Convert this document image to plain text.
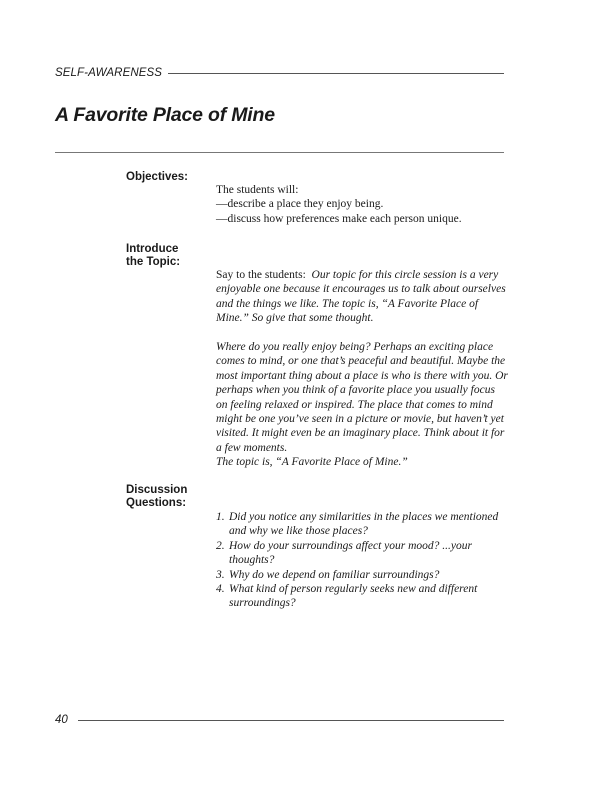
SELF-AWARENESS
A Favorite Place of Mine
Objectives:
The students will:
—describe a place they enjoy being.
—discuss how preferences make each person unique.
Introduce
the Topic:

Say to the students: Our topic for this circle session is a very enjoyable one because it encourages us to talk about ourselves and the things we like. The topic is, “A Favorite Place of Mine.” So give that some thought.

Where do you really enjoy being? Perhaps an exciting place comes to mind, or one that’s peaceful and beautiful. Maybe the most important thing about a place is who is there with you. Or perhaps when you think of a favorite place you usually focus on feeling relaxed or inspired. The place that comes to mind might be one you’ve seen in a picture or movie, but haven’t yet visited. It might even be an imaginary place. Think about it for a few moments.
The topic is, “A Favorite Place of Mine.”

Discussion
Questions:
1. Did you notice any similarities in the places we mentioned and why we like those places?
2. How do your surroundings affect your mood? ...your thoughts?
3. Why do we depend on familiar surroundings?
4. What kind of person regularly seeks new and different surroundings?
40
